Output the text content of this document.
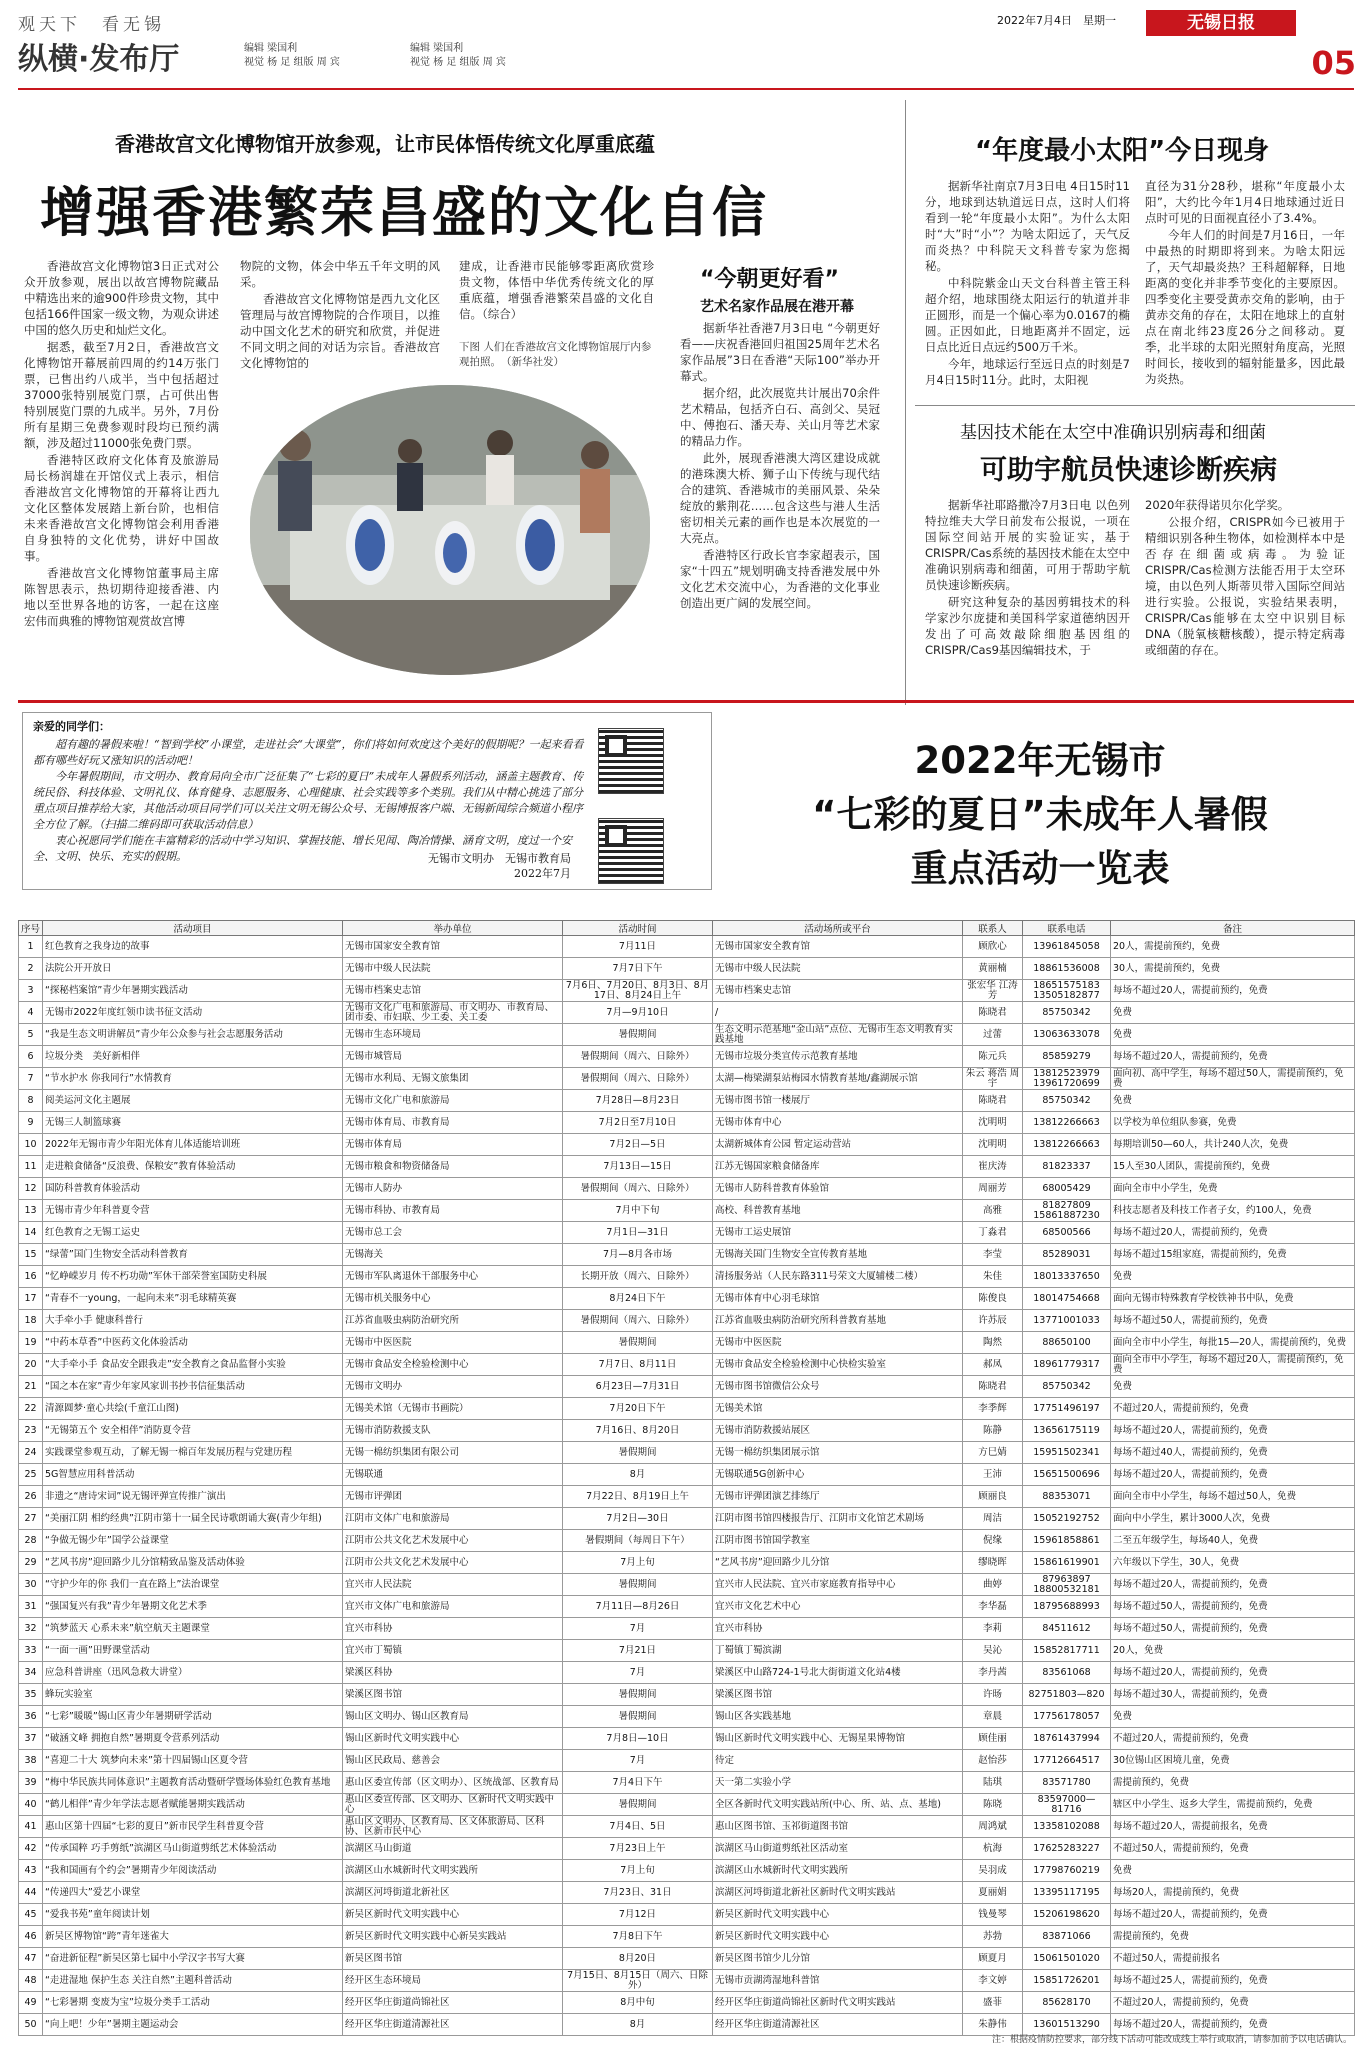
观天下　看无锡
纵横·发布厅	编辑 梁国利
视觉 杨 足 组版 周 宾
编辑 梁国利
视觉 杨 足 组版 周 宾
2022年7月4日　星期一	无锡日报
05
香港故宫文化博物馆开放参观，让市民体悟传统文化厚重底蕴
增强香港繁荣昌盛的文化自信

香港故宫文化博物馆3日正式对公众开放参观，展出以故宫博物院藏品中精选出来的逾900件珍贵文物，其中包括166件国家一级文物，为观众讲述中国的悠久历史和灿烂文化。

据悉，截至7月2日，香港故宫文化博物馆开幕展前四周的约14万张门票，已售出约八成半，当中包括超过37000张特别展览门票，占可供出售特别展览门票的九成半。另外，7月份所有星期三免费参观时段均已预约满额，涉及超过11000张免费门票。

香港特区政府文化体育及旅游局局长杨润雄在开馆仪式上表示，相信香港故宫文化博物馆的开幕将让西九文化区整体发展踏上新台阶，也相信未来香港故宫文化博物馆会利用香港自身独特的文化优势，讲好中国故事。

香港故宫文化博物馆董事局主席陈智思表示，热切期待迎接香港、内地以至世界各地的访客，一起在这座宏伟而典雅的博物馆观赏故宫博

物院的文物，体会中华五千年文明的风采。

香港故宫文化博物馆是西九文化区管理局与故宫博物院的合作项目，以推动中国文化艺术的研究和欣赏，并促进不同文明之间的对话为宗旨。香港故宫文化博物馆的

建成，让香港市民能够零距离欣赏珍贵文物，体悟中华优秀传统文化的厚重底蕴，增强香港繁荣昌盛的文化自信。（综合）

下图 人们在香港故宫文化博物馆展厅内参观拍照。　（新华社发）
“今朝更好看”
艺术名家作品展在港开幕

据新华社香港7月3日电 “今朝更好看——庆祝香港回归祖国25周年艺术名家作品展”3日在香港“天际100”举办开幕式。

据介绍，此次展览共计展出70余件艺术精品，包括齐白石、高剑父、吴冠中、傅抱石、潘天寿、关山月等艺术家的精品力作。

此外，展现香港澳大湾区建设成就的港珠澳大桥、狮子山下传统与现代结合的建筑、香港城市的美丽风景、朵朵绽放的紫荆花……包含这些与港人生活密切相关元素的画作也是本次展览的一大亮点。

香港特区行政长官李家超表示，国家“十四五”规划明确支持香港发展中外文化艺术交流中心，为香港的文化事业创造出更广阔的发展空间。

“年度最小太阳”今日现身

据新华社南京7月3日电 4日15时11分，地球到达轨道远日点，这时人们将看到一轮“年度最小太阳”。为什么太阳时“大”时“小”？为啥太阳远了，天气反而炎热？中科院天文科普专家为您揭秘。

中科院紫金山天文台科普主管王科超介绍，地球围绕太阳运行的轨道并非正圆形，而是一个偏心率为0.0167的椭圆。正因如此，日地距离并不固定，远日点比近日点远约500万千米。

今年，地球运行至远日点的时刻是7月4日15时11分。此时，太阳视

直径为31分28秒，堪称“年度最小太阳”，大约比今年1月4日地球通过近日点时可见的日面视直径小了3.4%。

今年人们的时间是7月16日，一年中最热的时期即将到来。为啥太阳远了，天气却最炎热？王科超解释，日地距离的变化并非季节变化的主要原因。四季变化主要受黄赤交角的影响，由于黄赤交角的存在，太阳在地球上的直射点在南北纬23度26分之间移动。夏季，北半球的太阳光照射角度高，光照时间长，接收到的辐射能量多，因此最为炎热。

基因技术能在太空中准确识别病毒和细菌
可助宇航员快速诊断疾病

据新华社耶路撒冷7月3日电 以色列特拉维夫大学日前发布公报说，一项在国际空间站开展的实验证实，基于CRISPR/Cas系统的基因技术能在太空中准确识别病毒和细菌，可用于帮助宇航员快速诊断疾病。

研究这种复杂的基因剪辑技术的科学家沙尔庞捷和美国科学家道德纳因开发出了可高效敲除细胞基因组的CRISPR/Cas9基因编辑技术，于

2020年获得诺贝尔化学奖。

公报介绍，CRISPR如今已被用于精细识别各种生物体，如检测样本中是否存在细菌或病毒。为验证CRISPR/Cas检测方法能否用于太空环境，由以色列人斯蒂贝带入国际空间站进行实验。公报说，实验结果表明，CRISPR/Cas能够在太空中识别目标DNA（脱氧核糖核酸），提示特定病毒或细菌的存在。

亲爱的同学们：
超有趣的暑假来啦！“智到学校”小课堂，走进社会“大课堂”，你们将如何欢度这个美好的假期呢？一起来看看都有哪些好玩又涨知识的活动吧！
今年暑假期间，市文明办、教育局向全市广泛征集了“七彩的夏日”未成年人暑假系列活动，涵盖主题教育、传统民俗、科技体验、文明礼仪、体育健身、志愿服务、心理健康、社会实践等多个类别。我们从中精心挑选了部分重点项目推荐给大家，其他活动项目同学们可以关注文明无锡公众号、无锡博报客户端、无锡新闻综合频道小程序全方位了解。（扫描二维码即可获取活动信息）
衷心祝愿同学们能在丰富精彩的活动中学习知识、掌握技能、增长见闻、陶冶情操、涵育文明，度过一个安全、文明、快乐、充实的假期。	无锡市文明办　无锡市教育局
2022年7月
2022年无锡市
“七彩的夏日”未成年人暑假
重点活动一览表
序号	活动项目	举办单位	活动时间	活动场所或平台	联系人	联系电话	备注
1	红色教育之我身边的故事	无锡市国家安全教育馆	7月11日	无锡市国家安全教育馆	顾欣心	13961845058	20人，需提前预约，免费
2	法院公开开放日	无锡市中级人民法院	7月7日下午	无锡市中级人民法院	黄丽楠	18861536008	30人，需提前预约，免费
3	“探秘档案馆”青少年暑期实践活动	无锡市档案史志馆	7月6日、7月20日、8月3日、8月17日、8月24日上午	无锡市档案史志馆	张宏华 江涛芳	18651575183 13505182877	每场不超过20人，需提前预约，免费
4	无锡市2022年度红领巾读书征文活动	无锡市文化广电和旅游局、市文明办、市教育局、团市委、市妇联、少工委、关工委	7月—9月10日	/	陈晓君	85750342	免费
5	“我是生态文明讲解员”青少年公众参与社会志愿服务活动	无锡市生态环境局	暑假期间	生态文明示范基地“金山站”点位、无锡市生态文明教育实践基地	过蕾	13063633078	免费
6	垃圾分类　美好新相伴	无锡市城管局	暑假期间（周六、日除外）	无锡市垃圾分类宣传示范教育基地	陈元兵	85859279	每场不超过20人，需提前预约，免费
7	“节水护水 你我同行”水情教育	无锡市水利局、无锡文旅集团	暑假期间（周六、日除外）	太湖—梅梁湖泵站梅园水情教育基地/鑫湖展示馆	朱云 蒋浩 周宇	13812523979 13961720699	面向初、高中学生，每场不超过50人，需提前预约，免费
8	阅美运河文化主题展	无锡市文化广电和旅游局	7月28日—8月23日	无锡市图书馆一楼展厅	陈晓君	85750342	免费
9	无锡三人制篮球赛	无锡市体育局、市教育局	7月2日至7月10日	无锡市体育中心	沈明明	13812266663	以学校为单位组队参赛，免费
10	2022年无锡市青少年阳光体育儿体适能培训班	无锡市体育局	7月2日—5日	太湖新城体育公园 暂定运动营站	沈明明	13812266663	每期培训50—60人，共计240人次，免费
11	走进粮食储备“反浪费、保粮安”教育体验活动	无锡市粮食和物资储备局	7月13日—15日	江苏无锡国家粮食储备库	崔庆涛	81823337	15人至30人团队，需提前预约，免费
12	国防科普教育体验活动	无锡市人防办	暑假期间（周六、日除外）	无锡市人防科普教育体验馆	周丽芳	68005429	面向全市中小学生，免费
13	无锡市青少年科普夏令营	无锡市科协、市教育局	7月中下旬	高校、科普教育基地	高雅	81827809 15861887230	科技志愿者及科技工作者子女，约100人，免费
14	红色教育之无锡工运史	无锡市总工会	7月1日—31日	无锡市工运史展馆	丁淼君	68500566	每场不超过20人，需提前预约，免费
15	“绿蕾”国门生物安全活动科普教育	无锡海关	7月—8月各市场	无锡海关国门生物安全宣传教育基地	李莹	85289031	每场不超过15组家庭，需提前预约，免费
16	“忆峥嵘岁月 传不朽功勋”军休干部荣誉室国防史科展	无锡市军队离退休干部服务中心	长期开放（周六、日除外）	清扬服务站（人民东路311号荣文大厦辅楼二楼）	朱佳	18013337650	免费
17	“青春不一young，一起向未来”羽毛球精英赛	无锡市机关服务中心	8月24日下午	无锡市体育中心羽毛球馆	陈俊良	18014754668	面向无锡市特殊教育学校铁神书中队，免费
18	大手牵小手 健康科普行	江苏省血吸虫病防治研究所	暑假期间（周六、日除外）	江苏省血吸虫病防治研究所科普教育基地	许苏辰	13771001033	每场不超过50人，需提前预约，免费
19	“中药本草香”中医药文化体验活动	无锡市中医医院	暑假期间	无锡市中医医院	陶然	88650100	面向全市中小学生，每批15—20人，需提前预约，免费
20	“大手牵小手 食品安全跟我走”安全教育之食品监督小实验	无锡市食品安全检验检测中心	7月7日、8月11日	无锡市食品安全检验检测中心快检实验室	郝凤	18961779317	面向全市中小学生，每场不超过20人，需提前预约，免费
21	“国之本在家”青少年家风家训书抄书信征集活动	无锡市文明办	6月23日—7月31日	无锡市图书馆微信公众号	陈晓君	85750342	免费
22	清源圆梦·童心共绘(千童江山图)	无锡美术馆（无锡市书画院）	7月20日下午	无锡美术馆	李季辉	17751496197	不超过20人，需提前预约，免费
23	“无锡第五个 安全相伴”消防夏令营	无锡市消防救援支队	7月16日、8月20日	无锡市消防救援站展区	陈静	13656175119	每场不超过20人，需提前预约，免费
24	实践课堂参观互动，了解无锡一棉百年发展历程与党建历程	无锡一棉纺织集团有限公司	暑假期间	无锡一棉纺织集团展示馆	方巳婧	15951502341	每场不超过40人，需提前预约，免费
25	5G智慧应用科普活动	无锡联通	8月	无锡联通5G创新中心	王沛	15651500696	每场不超过20人，需提前预约，免费
26	非遗之“唐诗宋词”说无锡评弹宣传推广演出	无锡市评弹团	7月22日、8月19日上午	无锡市评弹团演艺排练厅	顾丽良	88353071	面向全市中小学生，每场不超过50人，免费
27	“美丽江阴 相约经典”江阴市第十一届全民诗歌朗诵大赛(青少年组)	江阴市文体广电和旅游局	7月2日—30日	江阴市图书馆四楼报告厅、江阴市文化馆艺术剧场	周洁	15052192752	面向中小学生，累计3000人次，免费
28	“争做无锡少年”国学公益课堂	江阴市公共文化艺术发展中心	暑假期间（每周日下午）	江阴市图书馆国学教室	倪缘	15961858861	二至五年级学生，每场40人，免费
29	“艺风书房”迎回路少儿分馆精致品鉴及活动体验	江阴市公共文化艺术发展中心	7月上旬	“艺风书房”迎回路少儿分馆	缪晓晖	15861619901	六年级以下学生，30人，免费
30	“守护少年的你 我们一直在路上”法治课堂	宜兴市人民法院	暑假期间	宜兴市人民法院、宜兴市家庭教育指导中心	曲婷	87963897 18800532181	每场不超过20人，需提前预约，免费
31	“强国复兴有我”青少年暑期文化艺术季	宜兴市文体广电和旅游局	7月11日—8月26日	宜兴市文化艺术中心	李华磊	18795688993	每场不超过50人，需提前预约，免费
32	“筑梦蓝天 心系未来”航空航天主题课堂	宜兴市科协	7月	宜兴市科协	李莉	84511612	每场不超过50人，需提前预约，免费
33	“一面一画”田野课堂活动	宜兴市丁蜀镇	7月21日	丁蜀镇丁蜀滨湖	吴沁	15852817711	20人，免费
34	应急科普讲座（迅风急救大讲堂）	梁溪区科协	7月	梁溪区中山路724-1号北大街街道文化站4楼	李丹茜	83561068	每场不超过20人，需提前预约，免费
35	蜂玩实验室	梁溪区图书馆	暑假期间	梁溪区图书馆	许旸	82751803—820	每场不超过30人，需提前预约，免费
36	“七彩”暖暖”锡山区青少年暑期研学活动	锡山区文明办、锡山区教育局	暑假期间	锡山区各实践基地	章晨	17756178057	免费
37	“破涵文峰 拥抱自然”暑期夏令营系列活动	锡山区新时代文明实践中心	7月8日—10日	锡山区新时代文明实践中心、无锡星果博物馆	顾佳丽	18761437994	不超过20人，需提前预约，免费
38	“喜迎二十大 筑梦向未来”第十四届锡山区夏令营	锡山区民政局、慈善会	7月	待定	赵怡莎	17712664517	30位锡山区困境儿童，免费
39	“梅中华民族共同体意识”主题教育活动暨研学暨场体验红色教育基地	惠山区委宣传部（区文明办）、区统战部、区教育局	7月4日下午	天一第二实验小学	陆琪	83571780	需提前预约，免费
40	“鹤儿相伴”青少年学法志愿者赋能暑期实践活动	惠山区委宣传部、区文明办、区新时代文明实践中心	暑假期间	全区各新时代文明实践站所(中心、所、站、点、基地)	陈晓	83597000—81716	辖区中小学生、返乡大学生，需提前预约，免费
41	惠山区第十四届“七彩的夏日”新市民学生科普夏令营	惠山区文明办、区教育局、区文体旅游局、区科协、区新市民中心	7月4日、5日	惠山区图书馆、玉祁街道图书馆	周鸿斌	13358102088	每场不超过20人，需提前报名，免费
42	“传承国粹 巧手剪纸”滨湖区马山街道剪纸艺术体验活动	滨湖区马山街道	7月23日上午	滨湖区马山街道剪纸社区活动室	杭海	17625283227	不超过50人，需提前预约，免费
43	“我和国画有个约会”暑期青少年阅读活动	滨湖区山水城新时代文明实践所	7月上旬	滨湖区山水城新时代文明实践所	吴羽成	17798760219	免费
44	“传递四大”爱艺小课堂	滨湖区河埒街道北新社区	7月23日、31日	滨湖区河埒街道北新社区新时代文明实践站	夏丽娟	13395117195	每场20人，需提前预约，免费
45	“爱我书苑”童年阅读计划	新吴区新时代文明实践中心	7月12日	新吴区新时代文明实践中心	钱曼琴	15206198620	每场不超过20人，需提前预约，免费
46	新吴区博物馆“跨”青年迷雀大	新吴区新时代文明实践中心新吴实践站	7月8日下午	新吴区新时代文明实践中心	苏勃	83871066	需提前预约，免费
47	“奋进新征程”新吴区第七届中小学汉字书写大赛	新吴区图书馆	8月20日	新吴区图书馆少儿分馆	顾夏月	15061501020	不超过50人，需提前报名
48	“走进湿地 保护生态 关注自然”主题科普活动	经开区生态环境局	7月15日、8月15日（周六、日除外）	无锡市贡湖湾湿地科普馆	李文婷	15851726201	每场不超过25人，需提前预约，免费
49	“七彩暑期 变废为宝”垃圾分类手工活动	经开区华庄街道尚锦社区	8月中旬	经开区华庄街道尚锦社区新时代文明实践站	盛菲	85628170	不超过20人，需提前预约，免费
50	“向上吧！少年”暑期主题运动会	经开区华庄街道清源社区	8月	经开区华庄街道清源社区	朱静伟	13601513290	每场不超过20人，需提前预约，免费
注：根据疫情防控要求，部分线下活动可能改成线上举行或取消，请参加前予以电话确认。
